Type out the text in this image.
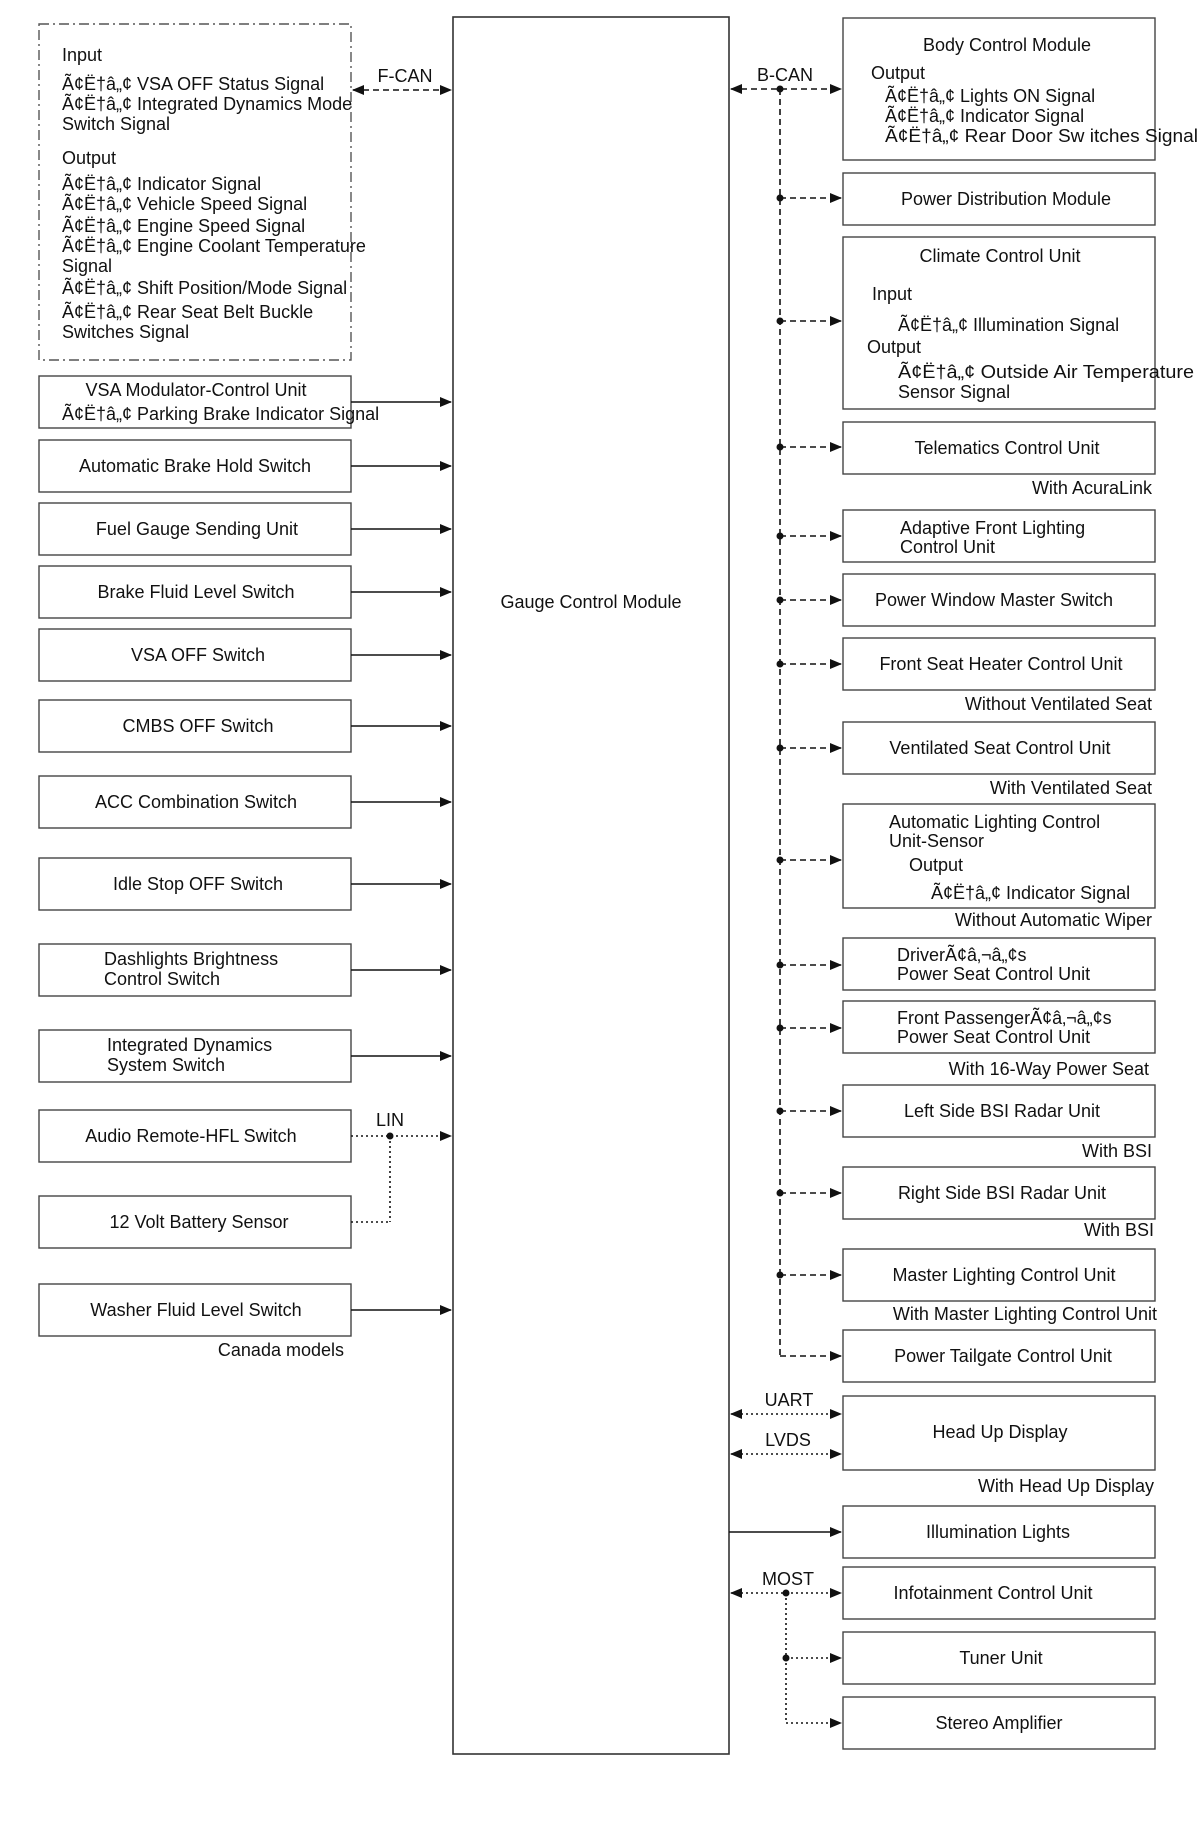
Gauge Control Module
Input
Ã¢Ë†â„¢ VSA OFF Status Signal
Ã¢Ë†â„¢ Integrated Dynamics Mode
Switch Signal
Output
Ã¢Ë†â„¢ Indicator Signal
Ã¢Ë†â„¢ Vehicle Speed Signal
Ã¢Ë†â„¢ Engine Speed Signal
Ã¢Ë†â„¢ Engine Coolant Temperature
Signal
Ã¢Ë†â„¢ Shift Position/Mode Signal
Ã¢Ë†â„¢ Rear Seat Belt Buckle
Switches Signal
F-CAN
VSA Modulator-Control Unit
Ã¢Ë†â„¢ Parking Brake Indicator Signal
Automatic Brake Hold Switch
Fuel Gauge Sending Unit
Brake Fluid Level Switch
VSA OFF Switch
CMBS OFF Switch
ACC Combination Switch
Idle Stop OFF Switch
Dashlights Brightness
Control Switch
Integrated Dynamics
System Switch
Audio Remote-HFL Switch
12 Volt Battery Sensor
Washer Fluid Level Switch
Canada models
LIN
B-CAN
Body Control Module
Output
Ã¢Ë†â„¢ Lights ON Signal
Ã¢Ë†â„¢ Indicator Signal
Ã¢Ë†â„¢ Rear Door Sw itches Signal
Power Distribution Module
Climate Control Unit
Input
Ã¢Ë†â„¢ Illumination Signal
Output
Ã¢Ë†â„¢ Outside Air Temperature
Sensor Signal
Telematics Control Unit
With AcuraLink
Adaptive Front Lighting
Control Unit
Power Window Master Switch
Front Seat Heater Control Unit
Without Ventilated Seat
Ventilated Seat Control Unit
With Ventilated Seat
Automatic Lighting Control
Unit-Sensor
Output
Ã¢Ë†â„¢ Indicator Signal
Without Automatic Wiper
DriverÃ¢â‚¬â„¢s
Power Seat Control Unit
Front PassengerÃ¢â‚¬â„¢s
Power Seat Control Unit
With 16-Way Power Seat
Left Side BSI Radar Unit
With BSI
Right Side BSI Radar Unit
With BSI
Master Lighting Control Unit
With Master Lighting Control Unit
Power Tailgate Control Unit
Head Up Display
With Head Up Display
Illumination Lights
Infotainment Control Unit
Tuner Unit
Stereo Amplifier
UART
LVDS
MOST
